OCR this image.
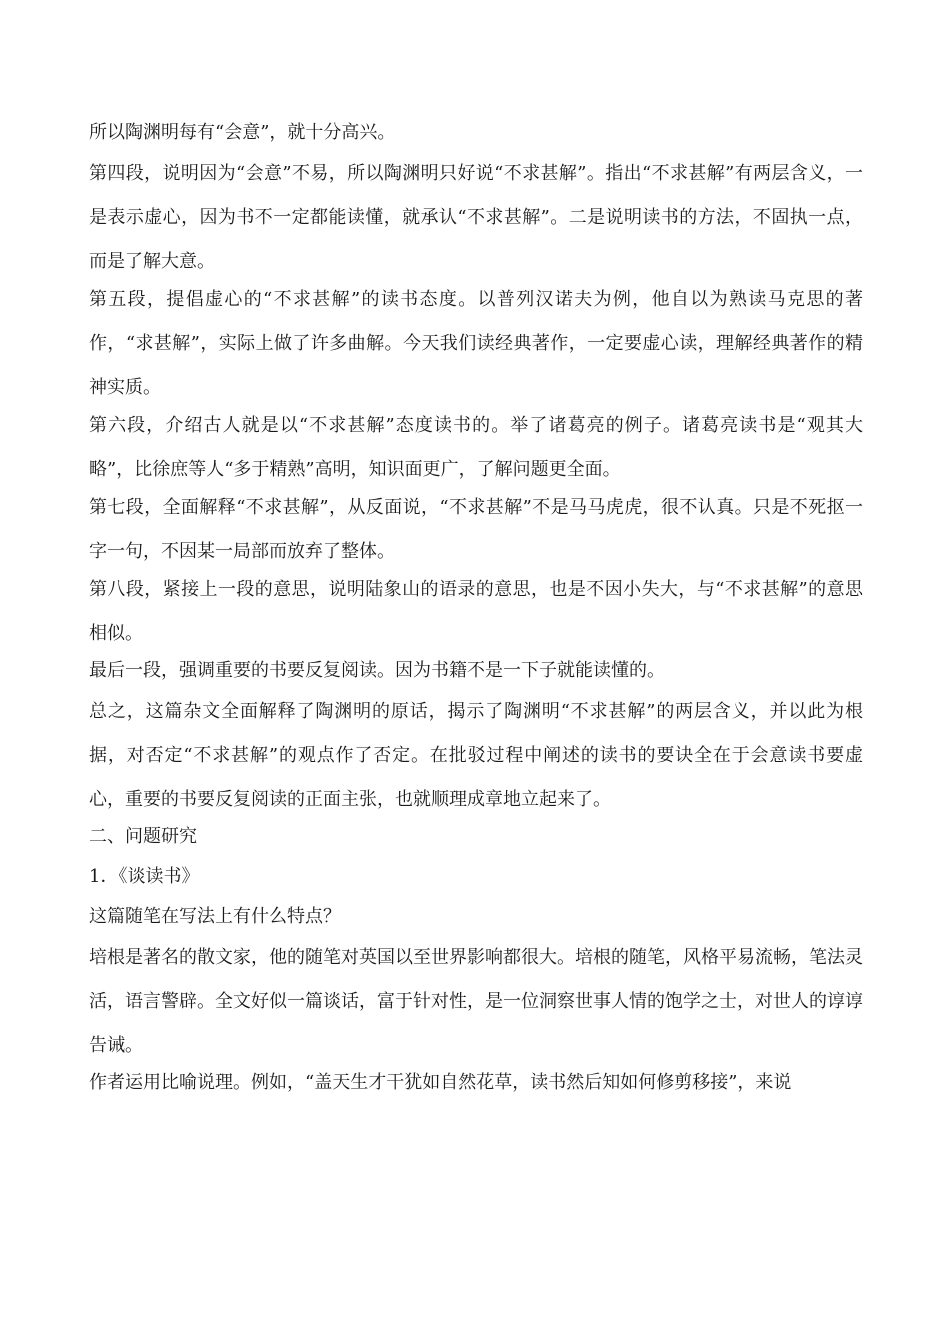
所以陶渊明每有“会意”，就十分高兴。

第四段，说明因为“会意”不易，所以陶渊明只好说“不求甚解”。指出“不求甚解”有两层含义，一是表示虚心，因为书不一定都能读懂，就承认“不求甚解”。二是说明读书的方法，不固执一点，而是了解大意。

第五段，提倡虚心的“不求甚解”的读书态度。以普列汉诺夫为例，他自以为熟读马克思的著作，“求甚解”，实际上做了许多曲解。今天我们读经典著作，一定要虚心读，理解经典著作的精神实质。

第六段，介绍古人就是以“不求甚解”态度读书的。举了诸葛亮的例子。诸葛亮读书是“观其大略”，比徐庶等人“多于精熟”高明，知识面更广，了解问题更全面。

第七段，全面解释“不求甚解”，从反面说，“不求甚解”不是马马虎虎，很不认真。只是不死抠一字一句，不因某一局部而放弃了整体。

第八段，紧接上一段的意思，说明陆象山的语录的意思，也是不因小失大，与“不求甚解”的意思相似。

最后一段，强调重要的书要反复阅读。因为书籍不是一下子就能读懂的。

总之，这篇杂文全面解释了陶渊明的原话，揭示了陶渊明“不求甚解”的两层含义，并以此为根据，对否定“不求甚解”的观点作了否定。在批驳过程中阐述的读书的要诀全在于会意读书要虚心，重要的书要反复阅读的正面主张，也就顺理成章地立起来了。

二、问题研究

1．《谈读书》

这篇随笔在写法上有什么特点？

培根是著名的散文家，他的随笔对英国以至世界影响都很大。培根的随笔，风格平易流畅，笔法灵活，语言警辟。全文好似一篇谈话，富于针对性，是一位洞察世事人情的饱学之士，对世人的谆谆告诫。

作者运用比喻说理。例如，“盖天生才干犹如自然花草，读书然后知如何修剪移接”，来说
